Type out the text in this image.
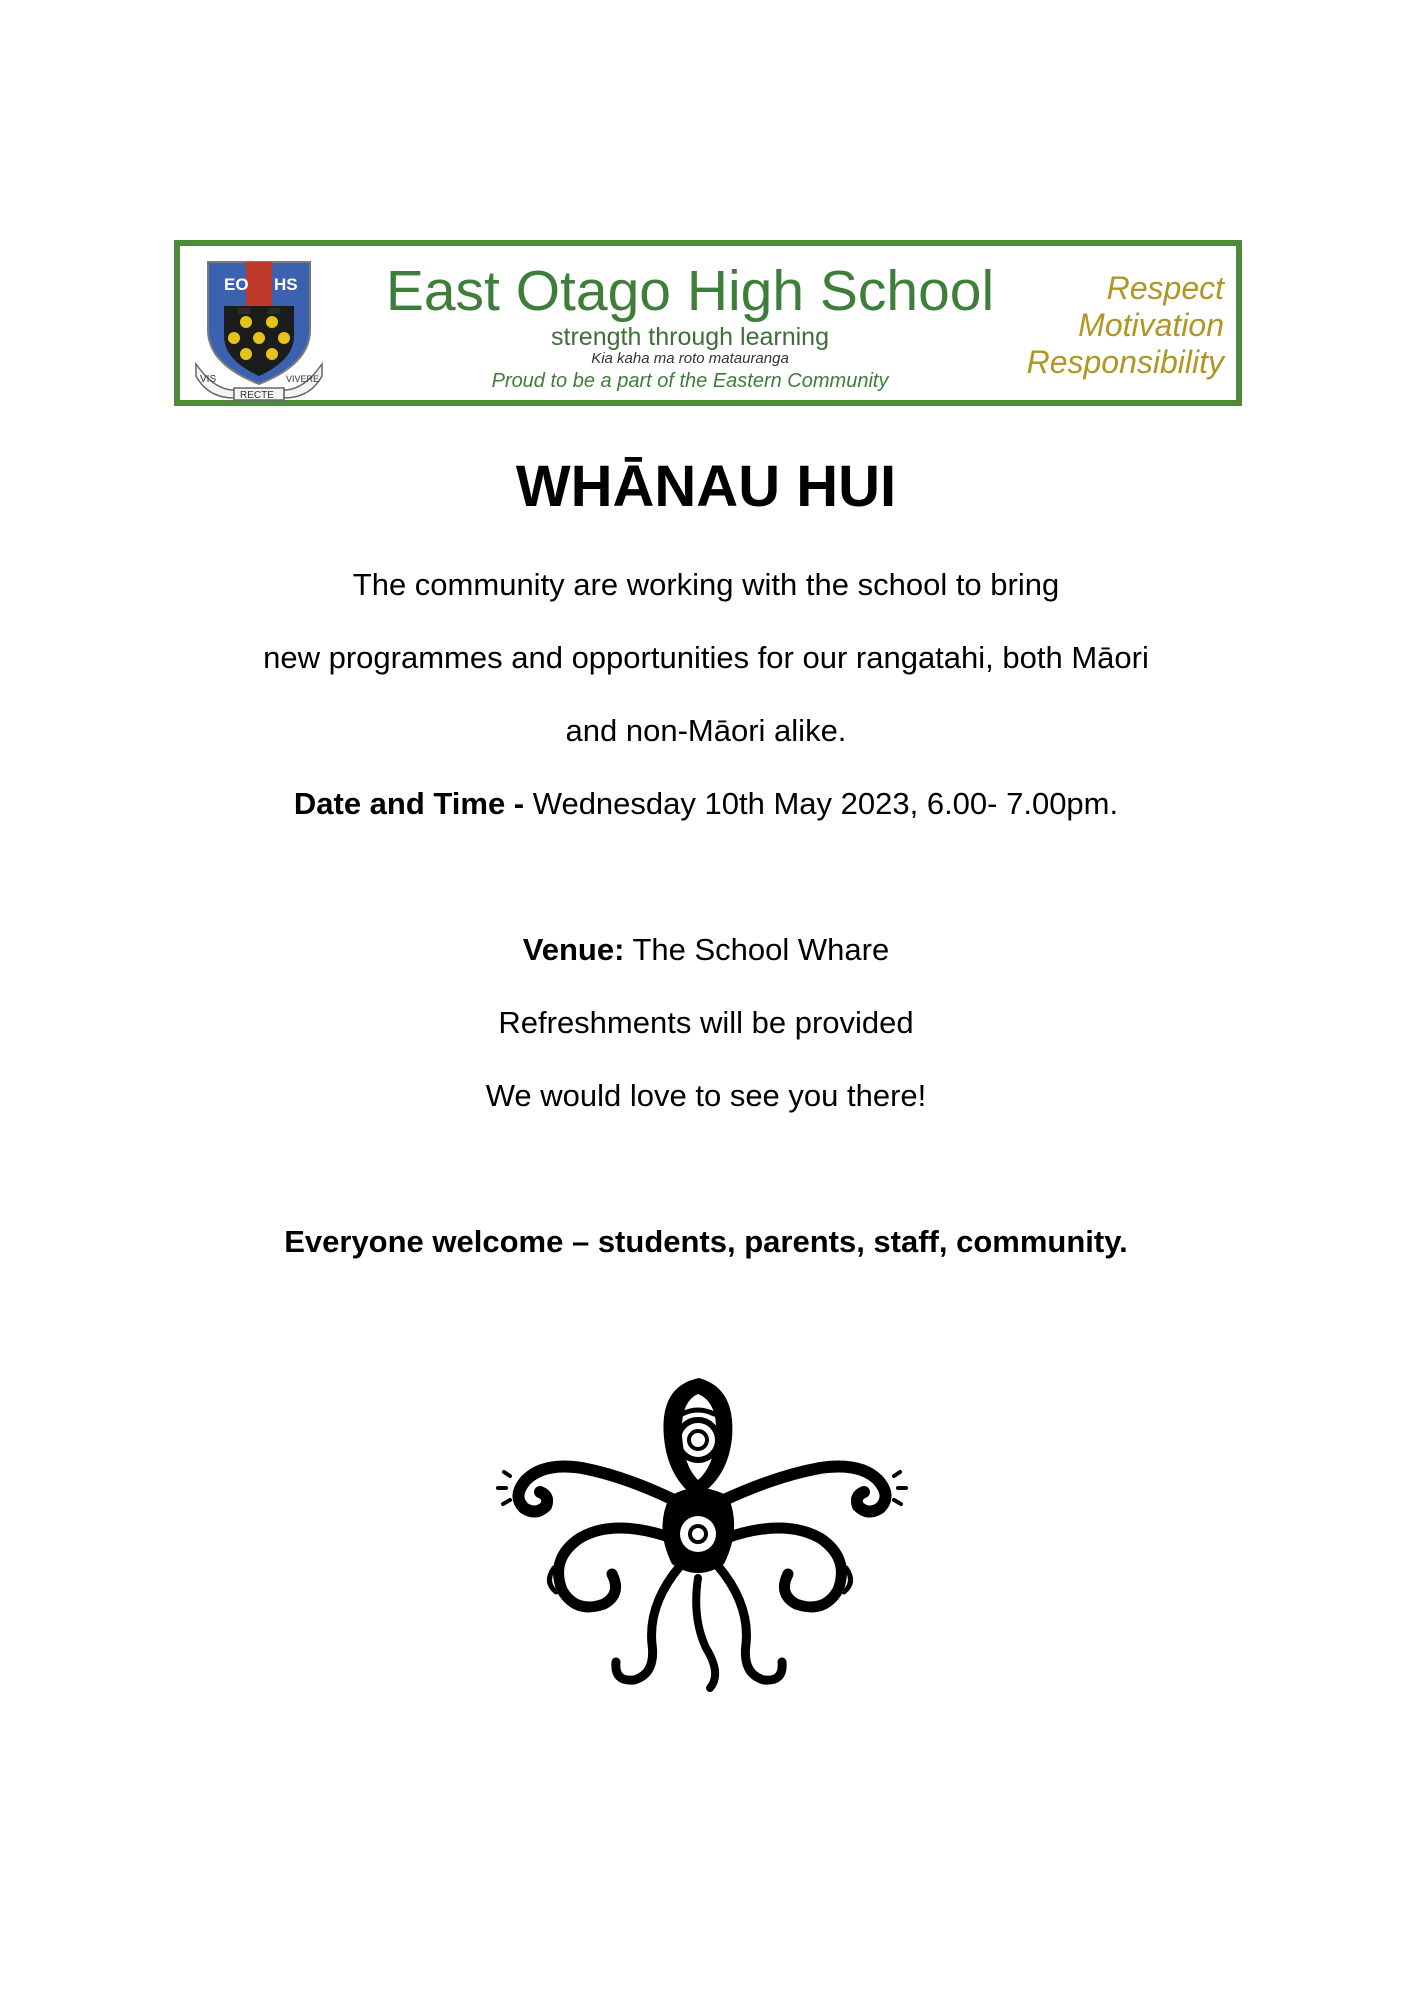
EO HS
VIS
RECTE
VIVERE
East Otago High School
strength through learning
Kia kaha ma roto matauranga
Proud to be a part of the Eastern Community
Respect
Motivation
Responsibility
WHĀNAU HUI

The community are working with the school to bring

new programmes and opportunities for our rangatahi, both Māori

and non-Māori alike.

Date and Time - Wednesday 10th May 2023, 6.00- 7.00pm.

Venue: The School Whare

Refreshments will be provided

We would love to see you there!

Everyone welcome – students, parents, staff, community.
